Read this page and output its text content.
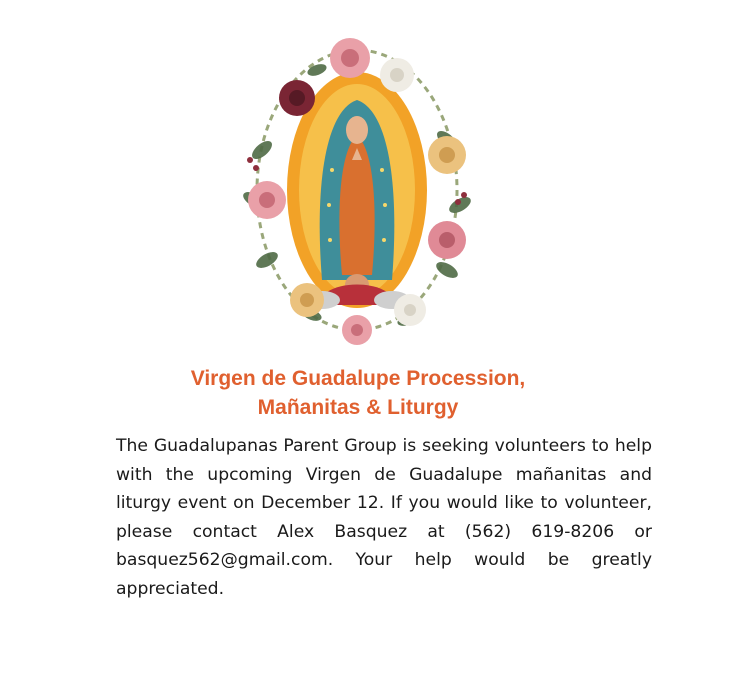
Virgen de Guadalupe Procession,
Mañanitas & Liturgy

The Guadalupanas Parent Group is seeking volunteers to help with the upcoming Virgen de Guadalupe mañanitas and liturgy event on December 12. If you would like to volunteer, please contact Alex Basquez at (562) 619-8206 or basquez562@gmail.com. Your help would be greatly appreciated.
